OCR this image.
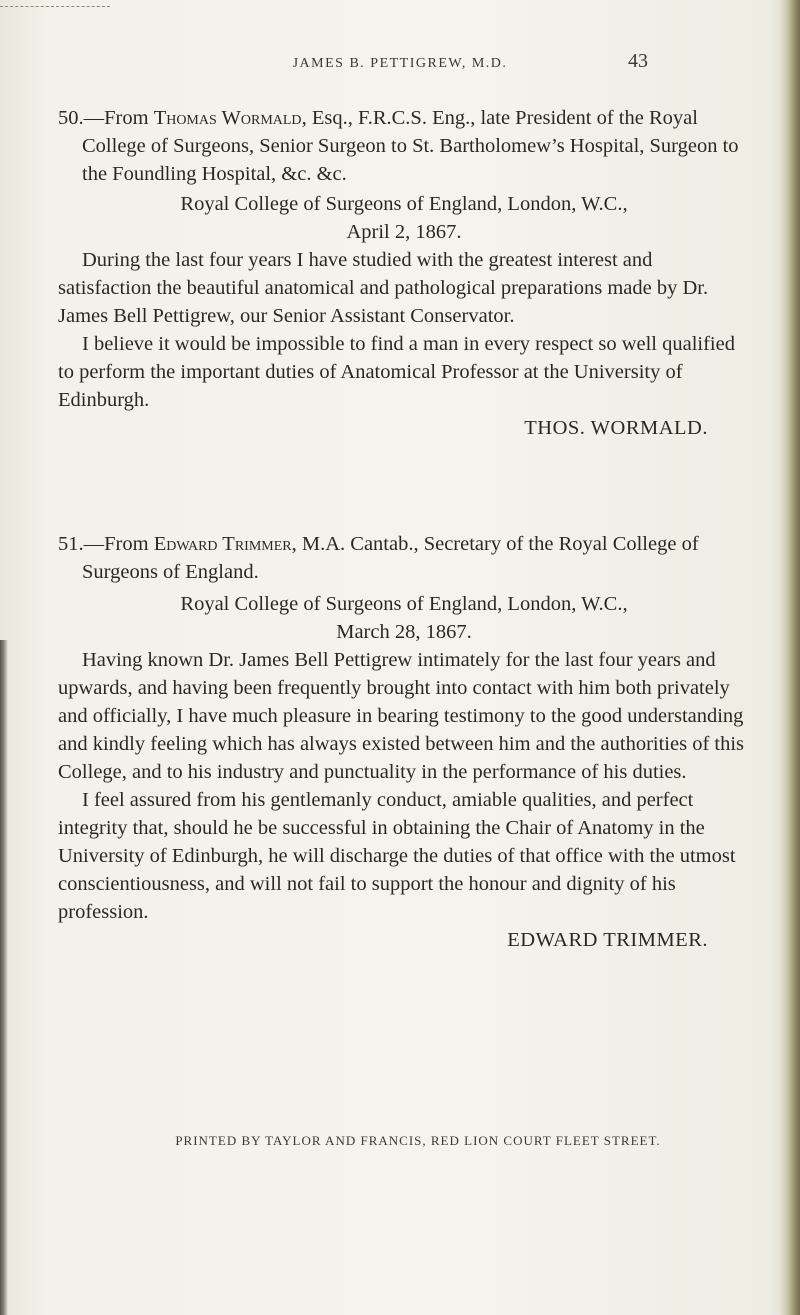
JAMES B. PETTIGREW, M.D.	43

50.—From Thomas Wormald, Esq., F.R.C.S. Eng., late President of the Royal College of Surgeons, Senior Surgeon to St. Bartholomew’s Hospital, Surgeon to the Foundling Hospital, &c. &c.

Royal College of Surgeons of England, London, W.C.,

April 2, 1867.

During the last four years I have studied with the greatest interest and satisfaction the beautiful anatomical and pathological preparations made by Dr. James Bell Pettigrew, our Senior Assistant Conservator.

I believe it would be impossible to find a man in every respect so well qualified to perform the important duties of Anatomical Professor at the University of Edinburgh.

THOS. WORMALD.

51.—From Edward Trimmer, M.A. Cantab., Secretary of the Royal College of Surgeons of England.

Royal College of Surgeons of England, London, W.C.,

March 28, 1867.

Having known Dr. James Bell Pettigrew intimately for the last four years and upwards, and having been frequently brought into contact with him both privately and officially, I have much pleasure in bearing testimony to the good understanding and kindly feeling which has always existed between him and the authorities of this College, and to his industry and punctuality in the performance of his duties.

I feel assured from his gentlemanly conduct, amiable qualities, and perfect integrity that, should he be successful in obtaining the Chair of Anatomy in the University of Edinburgh, he will discharge the duties of that office with the utmost conscientiousness, and will not fail to support the honour and dignity of his profession.

EDWARD TRIMMER.

PRINTED BY TAYLOR AND FRANCIS, RED LION COURT FLEET STREET.
